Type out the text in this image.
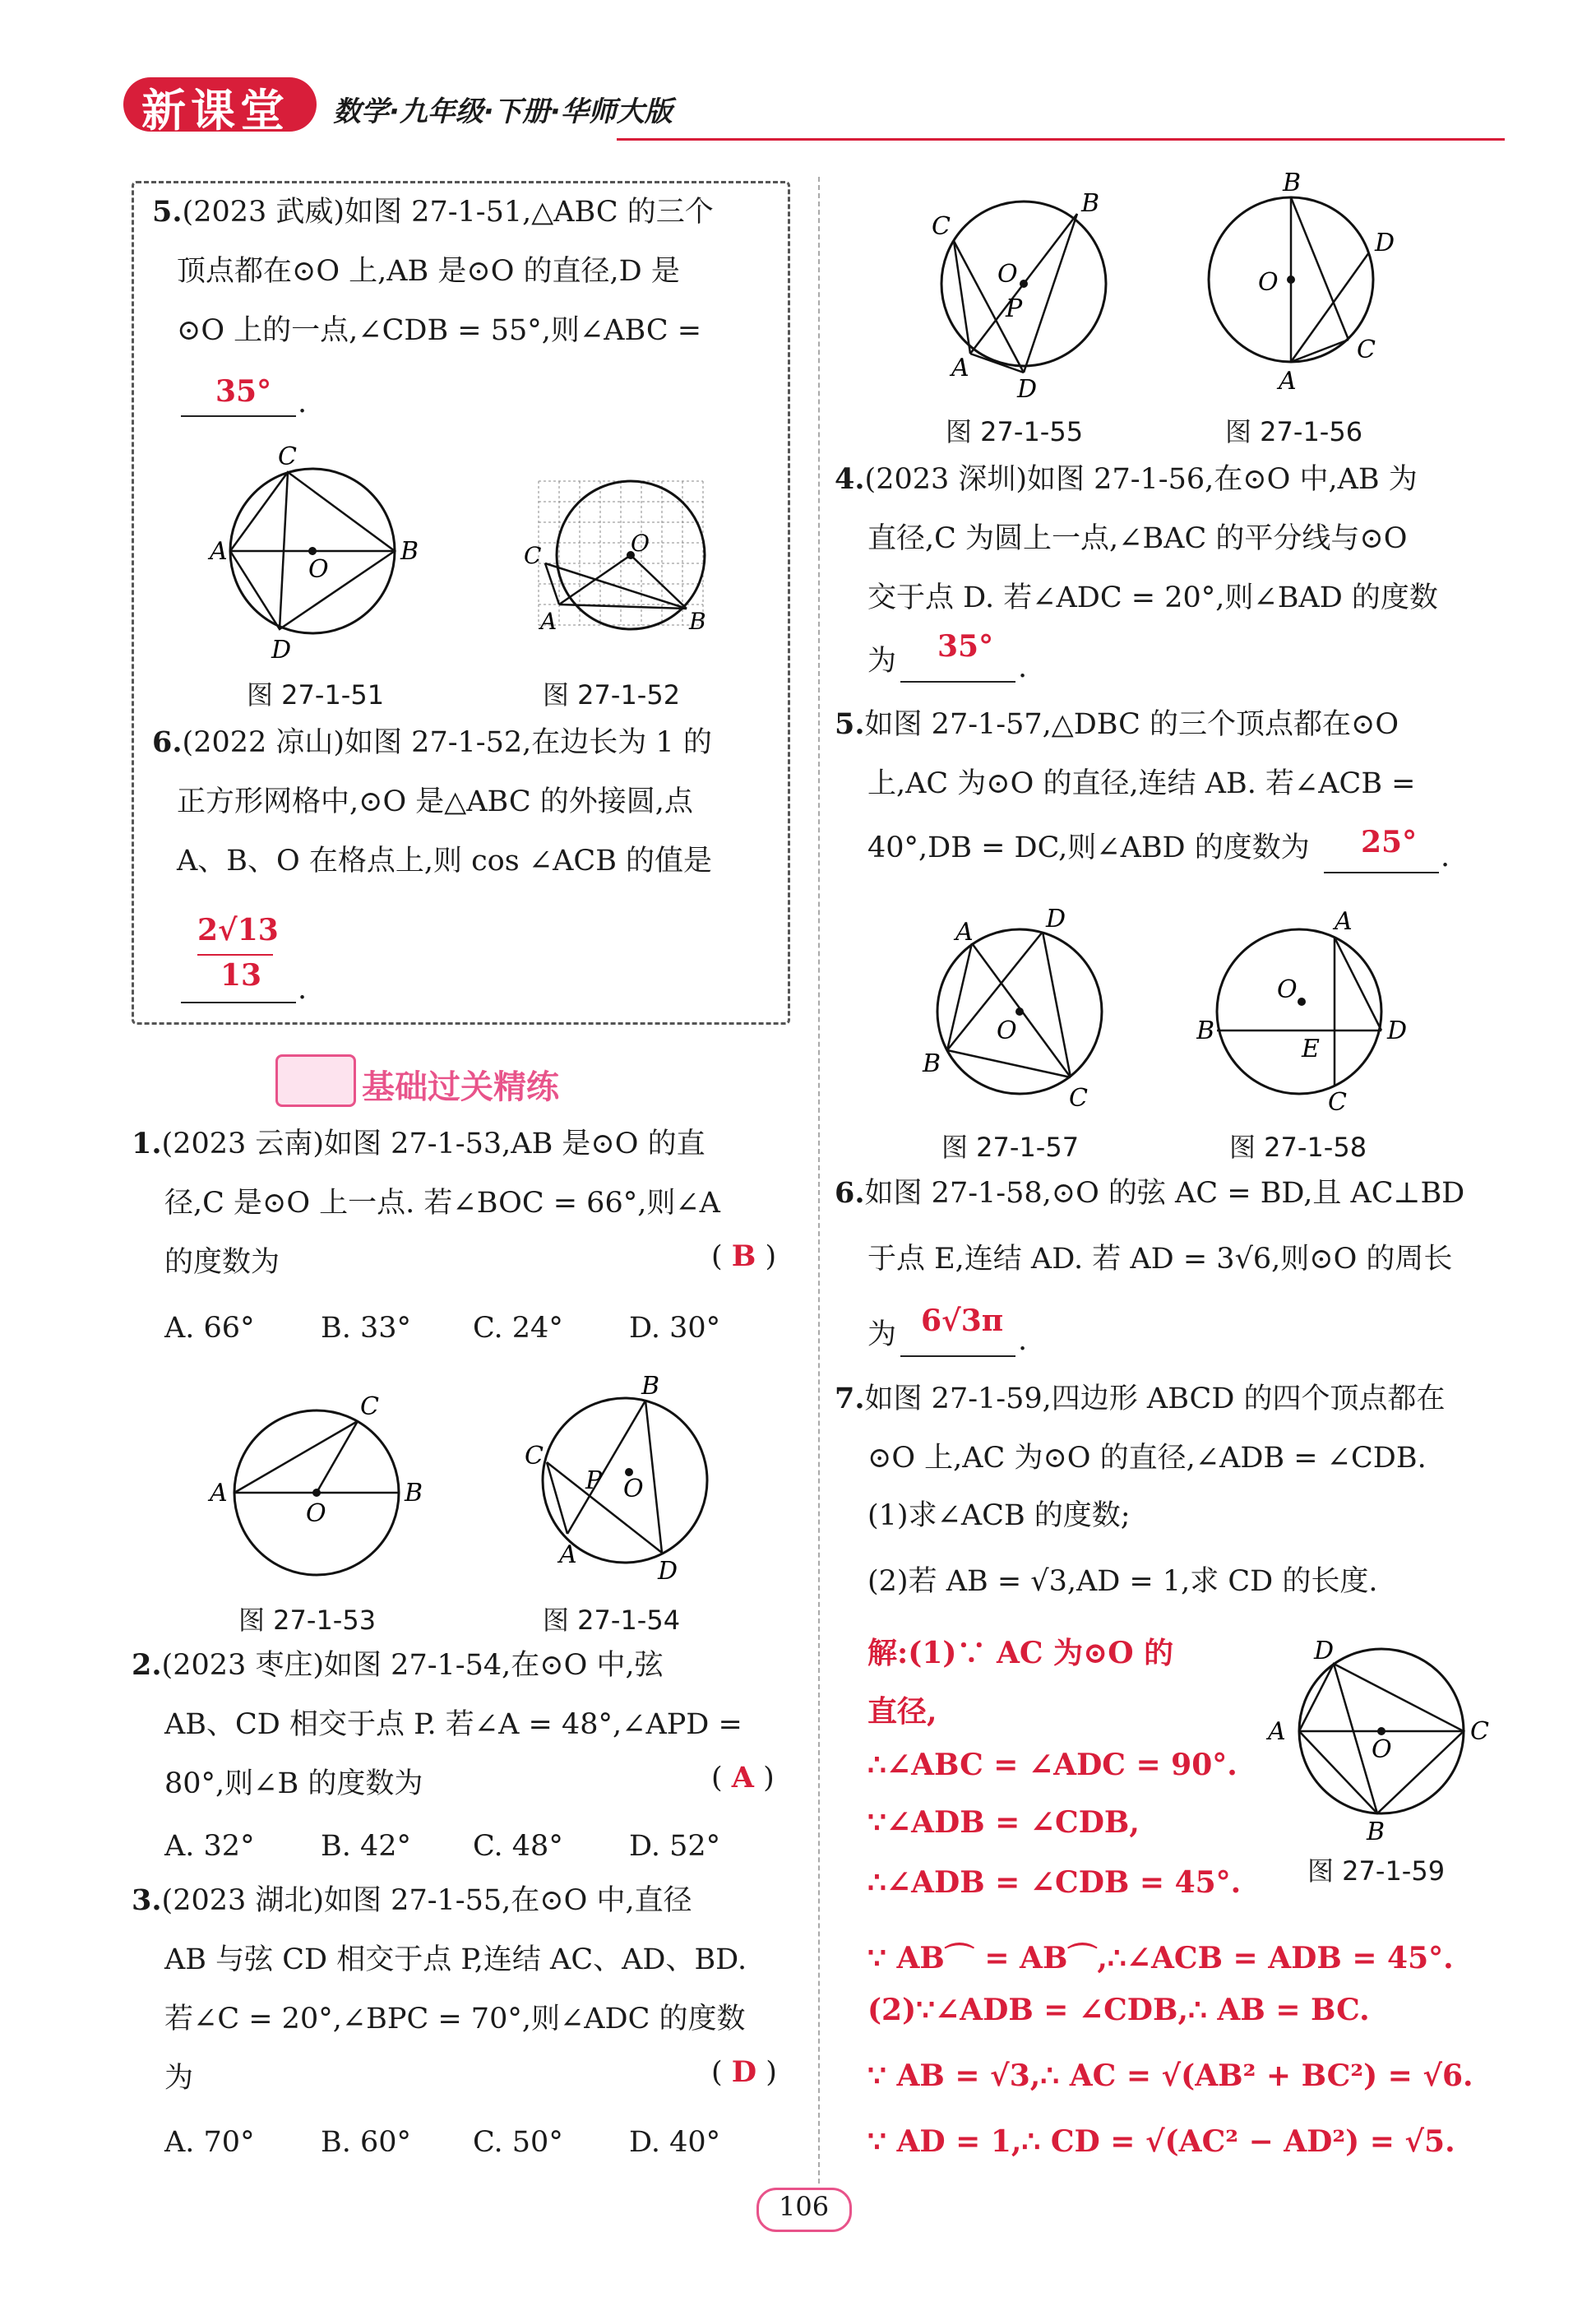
新课堂 数学·九年级·下册·华师大版
5.(2023 武威)如图 27-1-51,△ABC 的三个
顶点都在⊙O 上,AB 是⊙O 的直径,D 是
⊙O 上的一点,∠CDB = 55°,则∠ABC =
35° .
C
A	B
O
D
C	O
A	B
图 27-1-51	图 27-1-52
6.(2022 凉山)如图 27-1-52,在边长为 1 的
正方形网格中,⊙O 是△ABC 的外接圆,点
A、B、O 在格点上,则 cos ∠ACB 的值是
2√13
13 .
基础过关精练
1.(2023 云南)如图 27-1-53,AB 是⊙O 的直
径,C 是⊙O 上一点. 若∠BOC = 66°,则∠A
的度数为	( B )
A. 66° B. 33° C. 24° D. 30°
C
A	B
O
B
C
P O
A
D
图 27-1-53	图 27-1-54
2.(2023 枣庄)如图 27-1-54,在⊙O 中,弦
AB、CD 相交于点 P. 若∠A = 48°,∠APD =
80°,则∠B 的度数为	( A )
A. 32° B. 42° C. 48° D. 52°
3.(2023 湖北)如图 27-1-55,在⊙O 中,直径
AB 与弦 CD 相交于点 P,连结 AC、AD、BD.
若∠C = 20°,∠BPC = 70°,则∠ADC 的度数
为	( D )
A. 70° B. 60° C. 50° D. 40°
B
C
O
P
A
D
B
D
O
C
A
图 27-1-55	图 27-1-56
4.(2023 深圳)如图 27-1-56,在⊙O 中,AB 为
直径,C 为圆上一点,∠BAC 的平分线与⊙O
交于点 D. 若∠ADC = 20°,则∠BAD 的度数
为 35°
.
5.如图 27-1-57,△DBC 的三个顶点都在⊙O
上,AC 为⊙O 的直径,连结 AB. 若∠ACB =
40°,DB = DC,则∠ABD 的度数为 25° .
A	D
O
B
C
A
O
B	D
E
C
图 27-1-57	图 27-1-58
6.如图 27-1-58,⊙O 的弦 AC = BD,且 AC⊥BD
于点 E,连结 AD. 若 AD = 3√6,则⊙O 的周长
为 6√3π
.
7.如图 27-1-59,四边形 ABCD 的四个顶点都在
⊙O 上,AC 为⊙O 的直径,∠ADB = ∠CDB.
(1)求∠ACB 的度数;
(2)若 AB = √3,AD = 1,求 CD 的长度.
解:(1)∵ AC 为⊙O 的
直径,
∴∠ABC = ∠ADC = 90°.
∵∠ADB = ∠CDB,
∴∠ADB = ∠CDB = 45°.
∵ AB⌒ = AB⌒,∴∠ACB = ADB = 45°.
(2)∵∠ADB = ∠CDB,∴ AB = BC.
∵ AB = √3,∴ AC = √(AB² + BC²) = √6.
∵ AD = 1,∴ CD = √(AC² − AD²) = √5.
D
A	C
O
B
图 27-1-59
106
